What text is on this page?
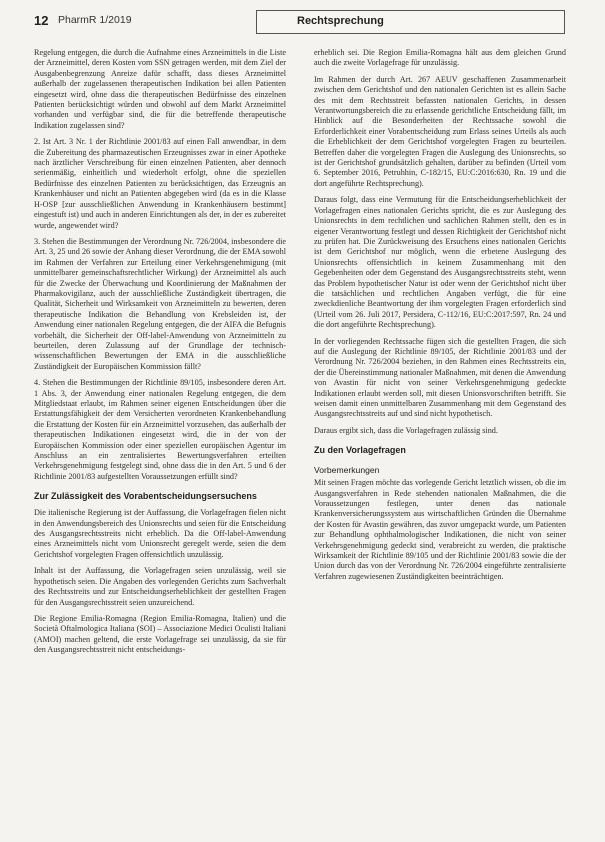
12 PharmR 1/2019	Rechtsprechung

Regelung entgegen, die durch die Aufnahme eines Arzneimittels in die Liste der Arzneimittel, deren Kosten vom SSN getragen werden, mit dem Ziel der Ausgabenbegrenzung Anreize dafür schafft, dass dieses Arzneimittel außerhalb der zugelassenen therapeutischen Indikation bei allen Patienten eingesetzt wird, ohne dass die therapeutischen Bedürfnisse des einzelnen Patienten berücksichtigt würden und obwohl auf dem Markt Arzneimittel vorhanden und verfügbar sind, die für die betreffende therapeutische Indikation zugelassen sind?

2. Ist Art. 3 Nr. 1 der Richtlinie 2001/83 auf einen Fall anwendbar, in dem die Zubereitung des pharmazeutischen Erzeugnisses zwar in einer Apotheke nach ärztlicher Verschreibung für einen einzelnen Patienten, aber dennoch serienmäßig, einheitlich und wiederholt erfolgt, ohne die speziellen Bedürfnisse des einzelnen Patienten zu berücksichtigen, das Erzeugnis an Krankenhäuser und nicht an Patienten abgegeben wird (da es in die Klasse H-OSP [zur ausschließlichen Anwendung in Krankenhäusern bestimmt] eingestuft ist) und auch in anderen Einrichtungen als der, in der es zubereitet wurde, angewendet wird?

3. Stehen die Bestimmungen der Verordnung Nr. 726/2004, insbesondere die Art. 3, 25 und 26 sowie der Anhang dieser Verordnung, die der EMA sowohl im Rahmen der Verfahren zur Erteilung einer Verkehrsgenehmigung (mit unmittelbarer gemeinschaftsrechtlicher Wirkung) der Arzneimittel als auch für die Zwecke der Überwachung und Koordinierung der Maßnahmen der Pharmakovigilanz, auch der ausschließliche Zuständigkeit übertragen, die Qualität, Sicherheit und Wirksamkeit von Arzneimitteln zu bewerten, deren therapeutische Indikation die Behandlung von Krebsleiden ist, der Anwendung einer nationalen Regelung entgegen, die der AIFA die Befugnis vorbehält, die Sicherheit der Off-label-Anwendung von Arzneimitteln zu beurteilen, deren Zulassung auf der Grundlage der technisch-wissenschaftlichen Bewertungen der EMA in die ausschließliche Zuständigkeit der Europäischen Kommission fällt?

4. Stehen die Bestimmungen der Richtlinie 89/105, insbesondere deren Art. 1 Abs. 3, der Anwendung einer nationalen Regelung entgegen, die dem Mitgliedstaat erlaubt, im Rahmen seiner eigenen Entscheidungen über die Erstattungsfähigkeit der dem Versicherten verordneten Krankenbehandlung die Erstattung der Kosten für ein Arzneimittel vorzusehen, das außerhalb der therapeutischen Indikationen eingesetzt wird, die in der von der Europäischen Kommission oder einer speziellen europäischen Agentur im Anschluss an ein zentralisiertes Bewertungsverfahren erteilten Verkehrsgenehmigung festgelegt sind, ohne dass die in den Art. 5 und 6 der Richtlinie 2001/83 aufgestellten Voraussetzungen erfüllt sind?

Zur Zulässigkeit des Vorabentscheidungsersuchens

Die italienische Regierung ist der Auffassung, die Vorlagefragen fielen nicht in den Anwendungsbereich des Unionsrechts und seien für die Entscheidung des Ausgangsrechtsstreits nicht erheblich. Da die Off-label-Anwendung eines Arzneimittels nicht vom Unionsrecht geregelt werde, seien die dem Gerichtshof vorgelegten Fragen offensichtlich unzulässig.

Inhalt ist der Auffassung, die Vorlagefragen seien unzulässig, weil sie hypothetisch seien. Die Angaben des vorlegenden Gerichts zum Sachverhalt des Rechtsstreits und zur Entscheidungserheblichkeit der gestellten Fragen für den Ausgangsrechtsstreit seien unzureichend.

Die Regione Emilia-Romagna (Region Emilia-Romagna, Italien) und die Società Oftalmologica Italiana (SOI) – Associazione Medici Oculisti Italiani (AMOI) machen geltend, die erste Vorlagefrage sei unzulässig, da sie für den Ausgangsrechtsstreit nicht entscheidungs-

erheblich sei. Die Region Emilia-Romagna hält aus dem gleichen Grund auch die zweite Vorlagefrage für unzulässig.

Im Rahmen der durch Art. 267 AEUV geschaffenen Zusammenarbeit zwischen dem Gerichtshof und den nationalen Gerichten ist es allein Sache des mit dem Rechtsstreit befassten nationalen Gerichts, in dessen Verantwortungsbereich die zu erlassende gerichtliche Entscheidung fällt, im Hinblick auf die Besonderheiten der Rechtssache sowohl die Erforderlichkeit einer Vorabentscheidung zum Erlass seines Urteils als auch die Erheblichkeit der dem Gerichtshof vorgelegten Fragen zu beurteilen. Betreffen daher die vorgelegten Fragen die Auslegung des Unionsrechts, so ist der Gerichtshof grundsätzlich gehalten, darüber zu befinden (Urteil vom 6. September 2016, Petruhhin, C-182/15, EU:C:2016:630, Rn. 19 und die dort angeführte Rechtsprechung).

Daraus folgt, dass eine Vermutung für die Entscheidungserheblichkeit der Vorlagefragen eines nationalen Gerichts spricht, die es zur Auslegung des Unionsrechts in dem rechtlichen und sachlichen Rahmen stellt, den es in eigener Verantwortung festlegt und dessen Richtigkeit der Gerichtshof nicht zu prüfen hat. Die Zurückweisung des Ersuchens eines nationalen Gerichts ist dem Gerichtshof nur möglich, wenn die erbetene Auslegung des Unionsrechts offensichtlich in keinem Zusammenhang mit den Gegebenheiten oder dem Gegenstand des Ausgangsrechtsstreits steht, wenn das Problem hypothetischer Natur ist oder wenn der Gerichtshof nicht über die tatsächlichen und rechtlichen Angaben verfügt, die für eine zweckdienliche Beantwortung der ihm vorgelegten Fragen erforderlich sind (Urteil vom 26. Juli 2017, Persidera, C-112/16, EU:C:2017:597, Rn. 24 und die dort angeführte Rechtsprechung).

In der vorliegenden Rechtssache fügen sich die gestellten Fragen, die sich auf die Auslegung der Richtlinie 89/105, der Richtlinie 2001/83 und der Verordnung Nr. 726/2004 beziehen, in den Rahmen eines Rechtsstreits ein, der die Übereinstimmung nationaler Maßnahmen, mit denen die Anwendung von Avastin für nicht von seiner Verkehrsgenehmigung gedeckte Indikationen erlaubt werden soll, mit diesen Unionsvorschriften betrifft. Sie weisen damit einen unmittelbaren Zusammenhang mit dem Gegenstand des Ausgangsrechtsstreits auf und sind nicht hypothetisch.

Daraus ergibt sich, dass die Vorlagefragen zulässig sind.

Zu den Vorlagefragen
Vorbemerkungen

Mit seinen Fragen möchte das vorlegende Gericht letztlich wissen, ob die im Ausgangsverfahren in Rede stehenden nationalen Maßnahmen, die die Voraussetzungen festlegen, unter denen das nationale Krankenversicherungssystem aus wirtschaftlichen Gründen die Übernahme der Kosten für Avastin gewähren, das zuvor umgepackt wurde, um Patienten zur Behandlung ophthalmologischer Indikationen, die nicht von seiner Verkehrsgenehmigung gedeckt sind, verabreicht zu werden, die praktische Wirksamkeit der Richtlinie 89/105 und der Richtlinie 2001/83 sowie die der Union durch das von der Verordnung Nr. 726/2004 eingeführte zentralisierte Verfahren zugewiesenen Zuständigkeiten beeinträchtigen.
